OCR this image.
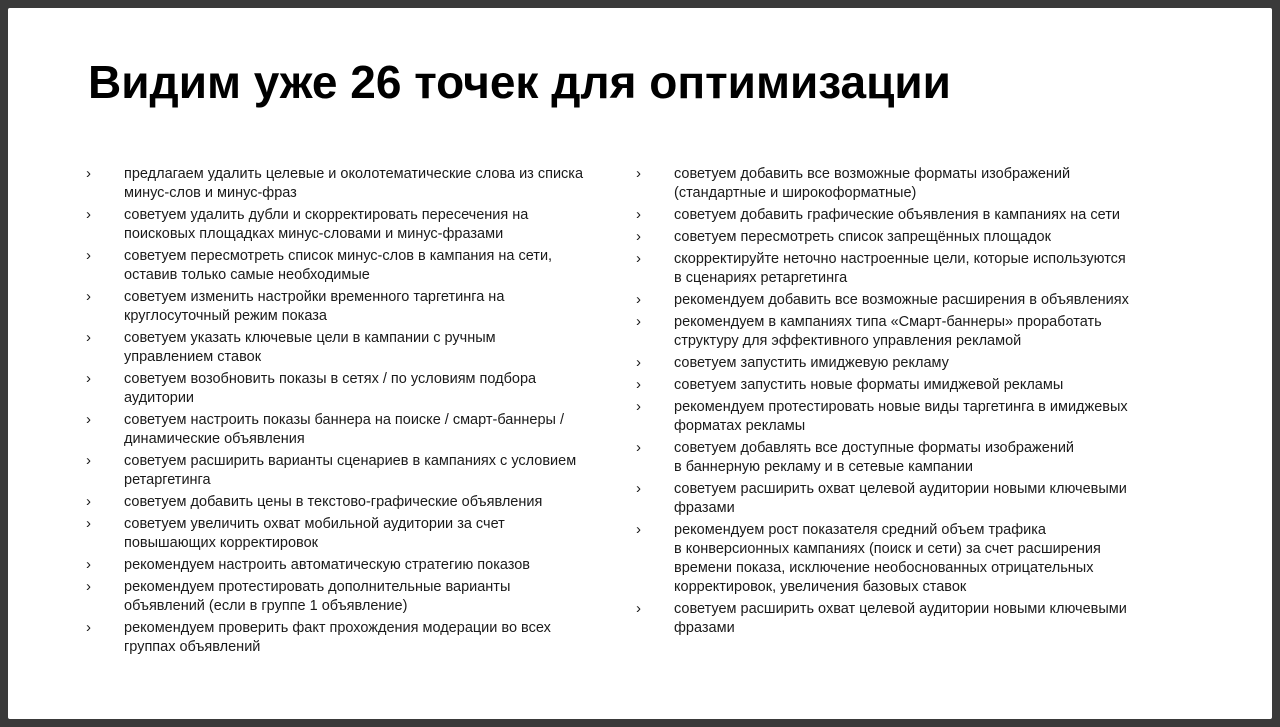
Видим уже 26 точек для оптимизации
›	предлагаем удалить целевые и околотематические слова из списка
минус-слов и минус-фраз
›	советуем удалить дубли и скорректировать пересечения на
поисковых площадках минус-словами и минус-фразами
›	советуем пересмотреть список минус-слов в кампания на сети,
оставив только самые необходимые
›	советуем изменить настройки временного таргетинга на
круглосуточный режим показа
›	советуем указать ключевые цели в кампании с ручным
управлением ставок
›	советуем возобновить показы в сетях / по условиям подбора
аудитории
›	советуем настроить показы баннера на поиске / смарт-баннеры /
динамические объявления
›	советуем расширить варианты сценариев в кампаниях с условием
ретаргетинга
›	советуем добавить цены в текстово-графические объявления
›	советуем увеличить охват мобильной аудитории за счет
повышающих корректировок
›	рекомендуем настроить автоматическую стратегию показов
›	рекомендуем протестировать дополнительные варианты
объявлений (если в группе 1 объявление)
›	рекомендуем проверить факт прохождения модерации во всех
группах объявлений
›	советуем добавить все возможные форматы изображений
(стандартные и широкоформатные)
›	советуем добавить графические объявления в кампаниях на сети
›	советуем пересмотреть список запрещённых площадок
›	скорректируйте неточно настроенные цели, которые используются
в сценариях ретаргетинга
›	рекомендуем добавить все возможные расширения в объявлениях
›	рекомендуем в кампаниях типа «Смарт-баннеры» проработать
структуру для эффективного управления рекламой
›	советуем запустить имиджевую рекламу
›	советуем запустить новые форматы имиджевой рекламы
›	рекомендуем протестировать новые виды таргетинга в имиджевых
форматах рекламы
›	советуем добавлять все доступные форматы изображений
в баннерную рекламу и в сетевые кампании
›	советуем расширить охват целевой аудитории новыми ключевыми
фразами
›	рекомендуем рост показателя средний объем трафика
в конверсионных кампаниях (поиск и сети) за счет расширения
времени показа, исключение необоснованных отрицательных
корректировок, увеличения базовых ставок
›	советуем расширить охват целевой аудитории новыми ключевыми
фразами
